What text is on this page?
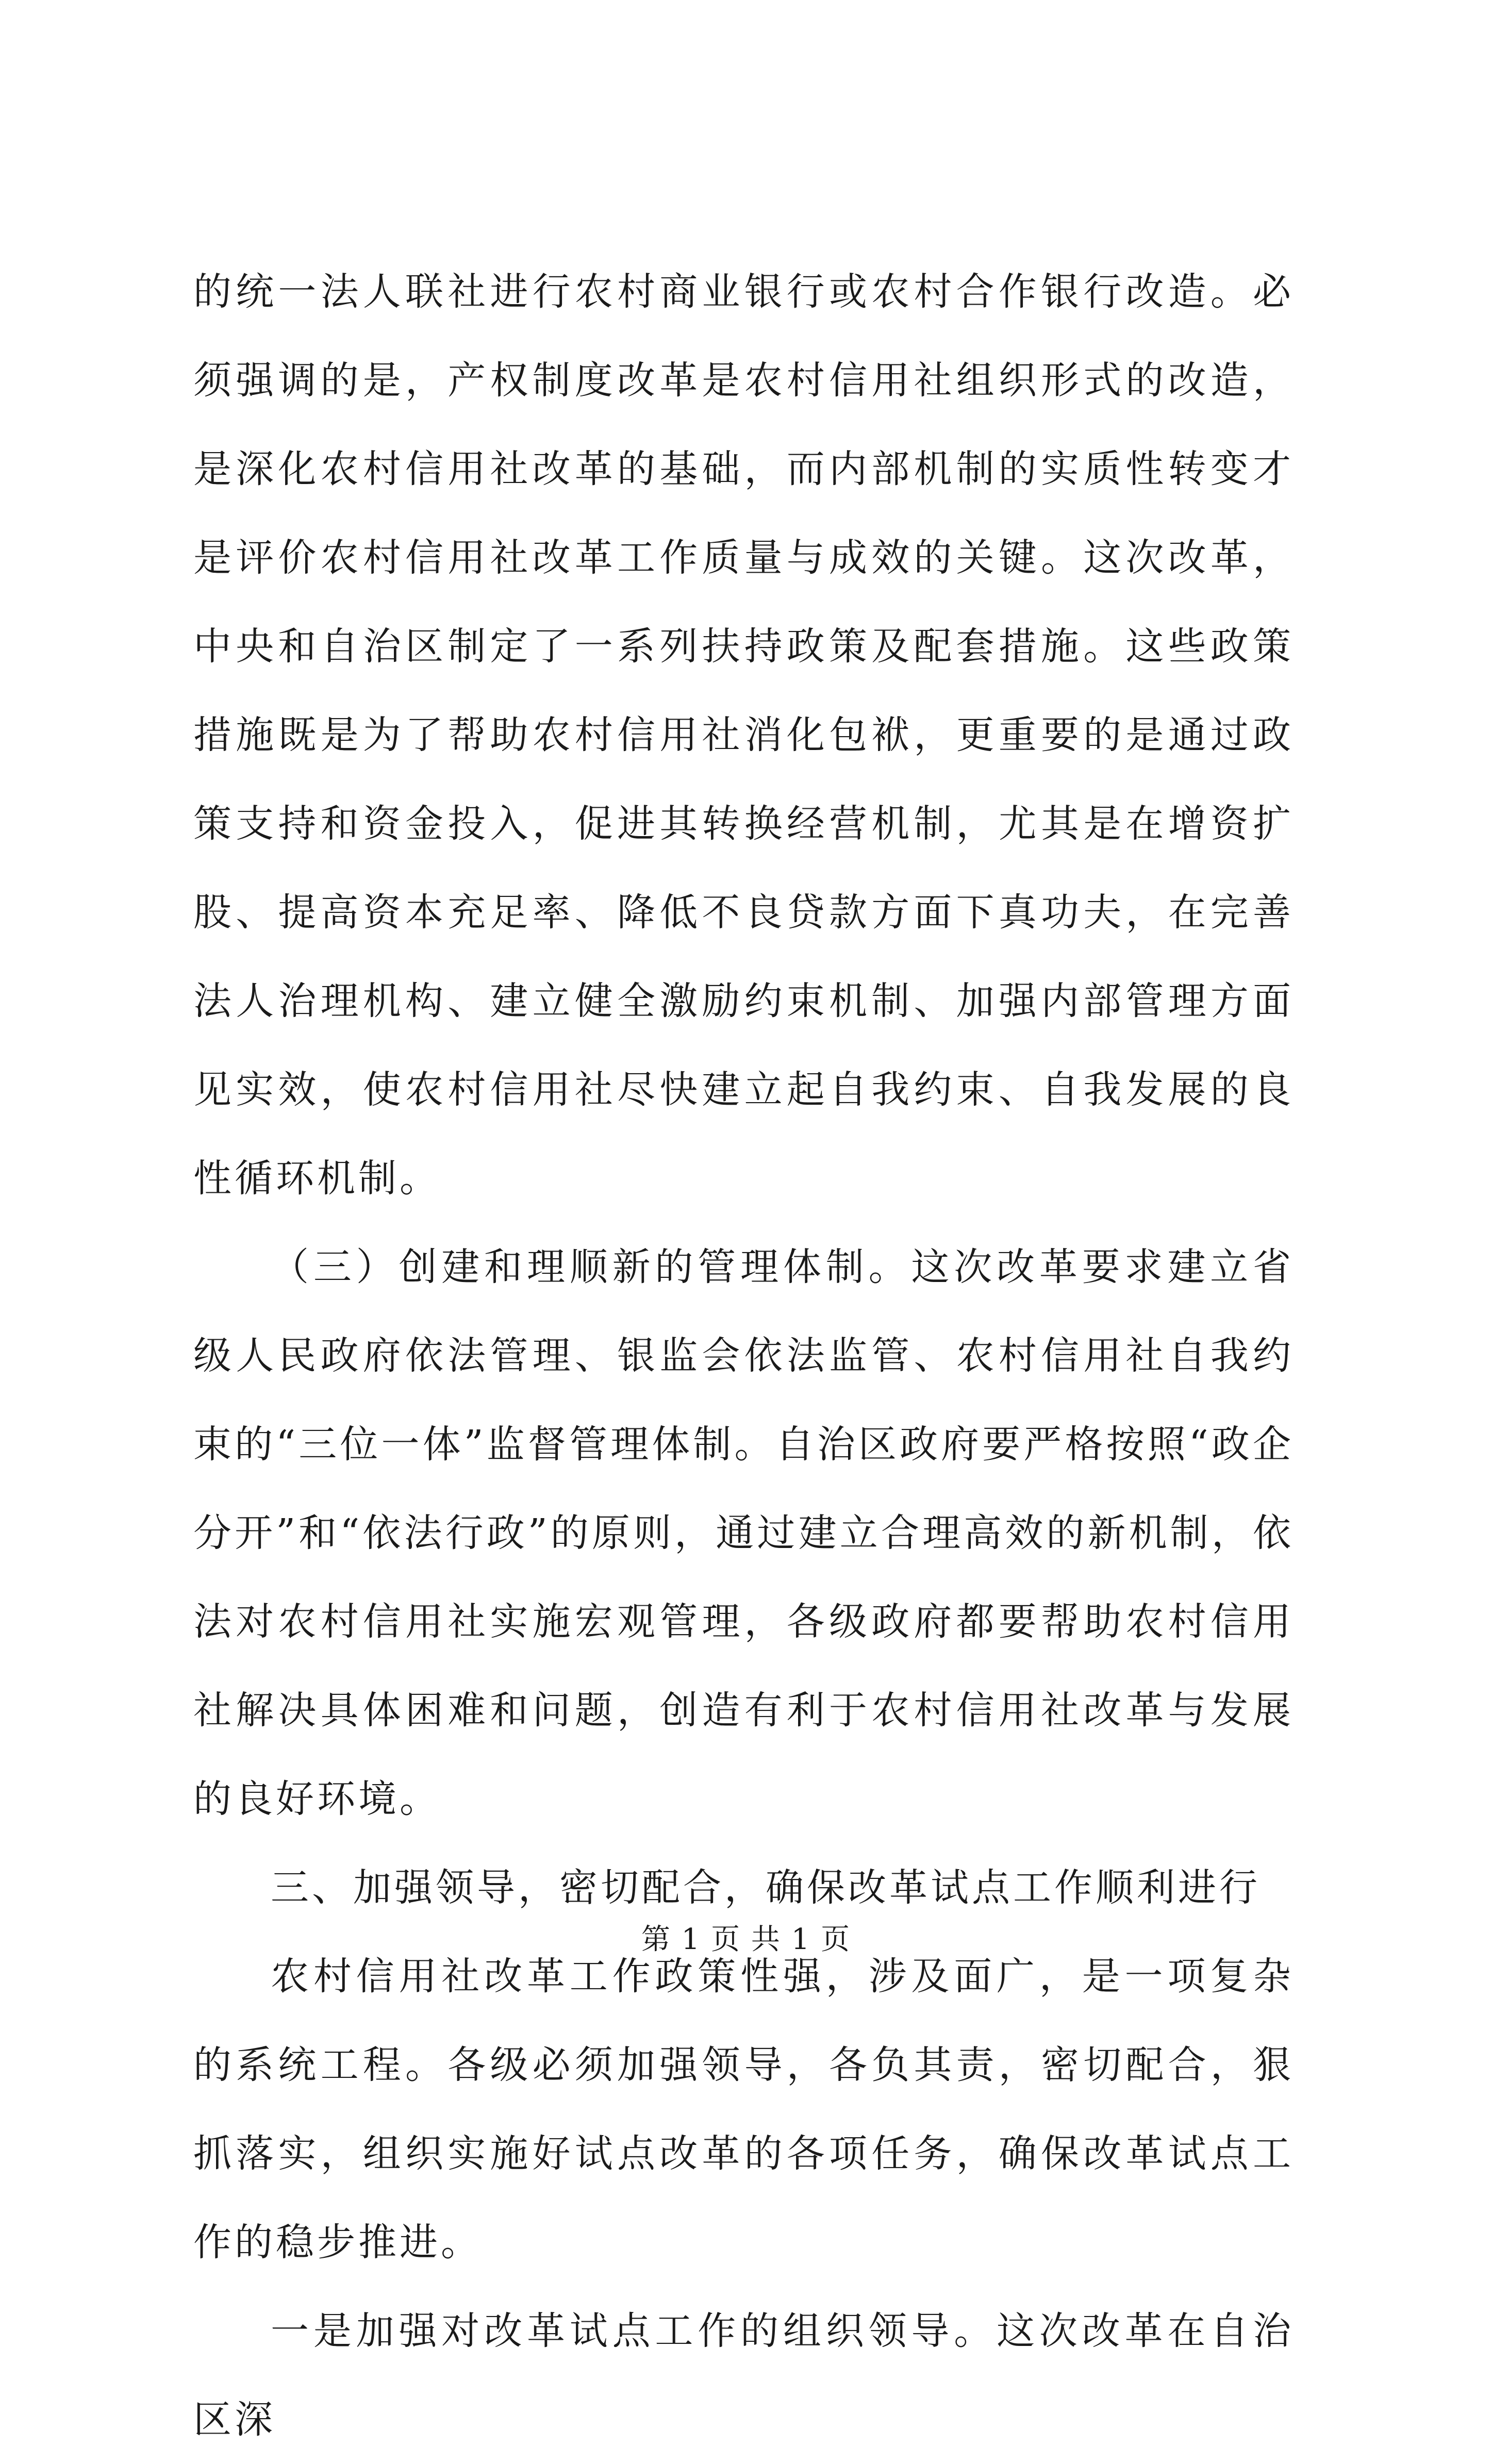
的统一法人联社进行农村商业银行或农村合作银行改造。必须强调的是，产权制度改革是农村信用社组织形式的改造，是深化农村信用社改革的基础，而内部机制的实质性转变才是评价农村信用社改革工作质量与成效的关键。这次改革，中央和自治区制定了一系列扶持政策及配套措施。这些政策措施既是为了帮助农村信用社消化包袱，更重要的是通过政策支持和资金投入，促进其转换经营机制，尤其是在增资扩股、提高资本充足率、降低不良贷款方面下真功夫，在完善法人治理机构、建立健全激励约束机制、加强内部管理方面见实效，使农村信用社尽快建立起自我约束、自我发展的良性循环机制。

（三）创建和理顺新的管理体制。这次改革要求建立省级人民政府依法管理、银监会依法监管、农村信用社自我约束的“三位一体”监督管理体制。自治区政府要严格按照“政企分开”和“依法行政”的原则，通过建立合理高效的新机制，依法对农村信用社实施宏观管理，各级政府都要帮助农村信用社解决具体困难和问题，创造有利于农村信用社改革与发展的良好环境。

三、加强领导，密切配合，确保改革试点工作顺利进行

农村信用社改革工作政策性强，涉及面广，是一项复杂的系统工程。各级必须加强领导，各负其责，密切配合，狠抓落实，组织实施好试点改革的各项任务，确保改革试点工作的稳步推进。

一是加强对改革试点工作的组织领导。这次改革在自治区深

第 1 页 共 1 页
